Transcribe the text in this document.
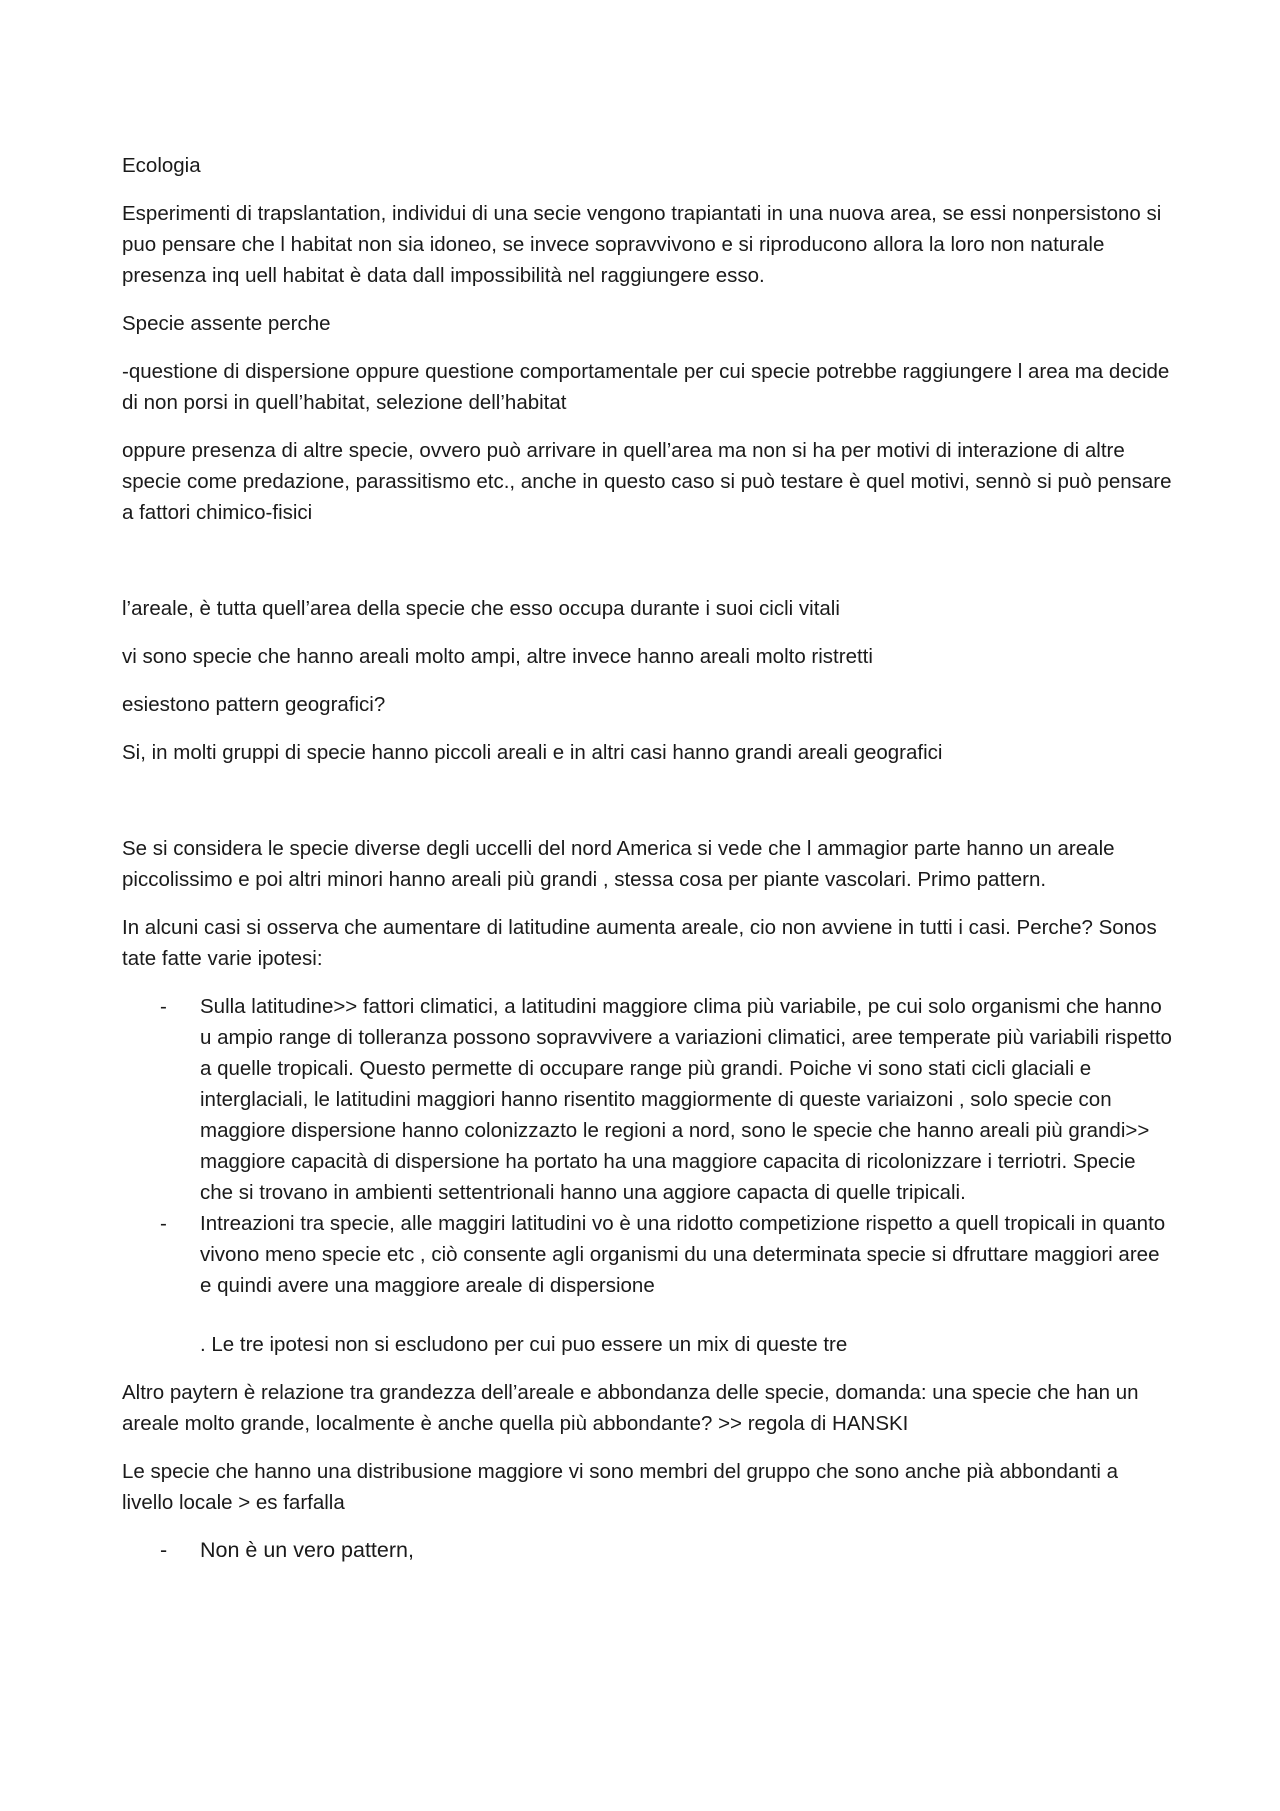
Ecologia

Esperimenti di trapslantation, individui di una secie vengono trapiantati in una nuova area, se essi nonpersistono si puo pensare che l habitat non sia idoneo, se invece sopravvivono e si riproducono allora la loro non naturale presenza inq uell habitat è data dall impossibilità nel raggiungere esso.

Specie assente perche

-questione di dispersione oppure questione comportamentale per cui specie potrebbe raggiungere l area ma decide di non porsi in quell’habitat, selezione dell’habitat

oppure presenza di altre specie, ovvero può arrivare in quell’area ma non si ha per motivi di interazione di altre specie come predazione, parassitismo etc., anche in questo caso si può testare è quel motivi, sennò si può pensare a fattori chimico-fisici

l’areale, è tutta quell’area della specie che esso occupa durante i suoi cicli vitali

vi sono specie che hanno areali molto ampi, altre invece hanno areali molto ristretti

esiestono pattern geografici?

Si, in molti gruppi di specie hanno piccoli areali e in altri casi hanno grandi areali geografici

Se si considera le specie diverse degli uccelli del nord America si vede che l ammagior parte hanno un areale piccolissimo e poi altri minori hanno areali più grandi , stessa cosa per piante vascolari. Primo pattern.

In alcuni casi si osserva che aumentare di latitudine aumenta areale, cio non avviene in tutti i casi. Perche? Sonos tate fatte varie ipotesi:

- Sulla latitudine>> fattori climatici, a latitudini maggiore clima più variabile, pe cui solo organismi che hanno u ampio range di tolleranza possono sopravvivere a variazioni climatici, aree temperate più variabili rispetto a quelle tropicali. Questo permette di occupare range più grandi. Poiche vi sono stati cicli glaciali e interglaciali, le latitudini maggiori hanno risentito maggiormente di queste variaizoni , solo specie con maggiore dispersione hanno colonizzazto le regioni a nord, sono le specie che hanno areali più grandi>> maggiore capacità di dispersione ha portato ha una maggiore capacita di ricolonizzare i terriotri. Specie che si trovano in ambienti settentrionali hanno una aggiore capacta di quelle tripicali.
- Intreazioni tra specie, alle maggiri latitudini vo è una ridotto competizione rispetto a quell tropicali in quanto vivono meno specie etc , ciò consente agli organismi du una determinata specie si dfruttare maggiori aree e quindi avere una maggiore areale di dispersione

. Le tre ipotesi non si escludono per cui puo essere un mix di queste tre

Altro paytern è relazione tra grandezza dell’areale e abbondanza delle specie, domanda: una specie che han un areale molto grande, localmente è anche quella più abbondante? >> regola di HANSKI

Le specie che hanno una distribusione maggiore vi sono membri del gruppo che sono anche pià abbondanti a livello locale > es farfalla

- Non è un vero pattern,
